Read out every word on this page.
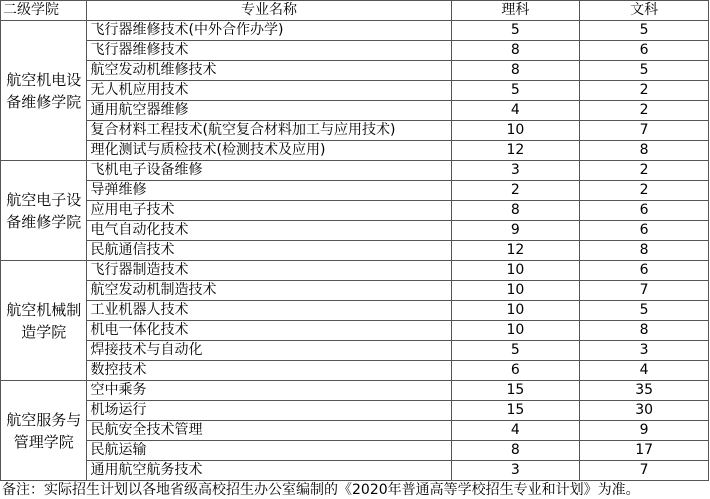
二级学院	专业名称	理科	文科
航空机电设备维修学院	飞行器维修技术(中外合作办学)	5	5
	飞行器维修技术	8	6
	航空发动机维修技术	8	5
	无人机应用技术	5	2
	通用航空器维修	4	2
	复合材料工程技术(航空复合材料加工与应用技术)	10	7
	理化测试与质检技术(检测技术及应用)	12	8
航空电子设备维修学院	飞机电子设备维修	3	2
	导弹维修	2	2
	应用电子技术	8	6
	电气自动化技术	9	6
	民航通信技术	12	8
航空机械制造学院	飞行器制造技术	10	6
	航空发动机制造技术	10	7
	工业机器人技术	10	5
	机电一体化技术	10	8
	焊接技术与自动化	5	3
	数控技术	6	4
航空服务与管理学院	空中乘务	15	35
	机场运行	15	30
	民航安全技术管理	4	9
	民航运输	8	17
	通用航空航务技术	3	7
备注：实际招生计划以各地省级高校招生办公室编制的《2020年普通高等学校招生专业和计划》为准。
